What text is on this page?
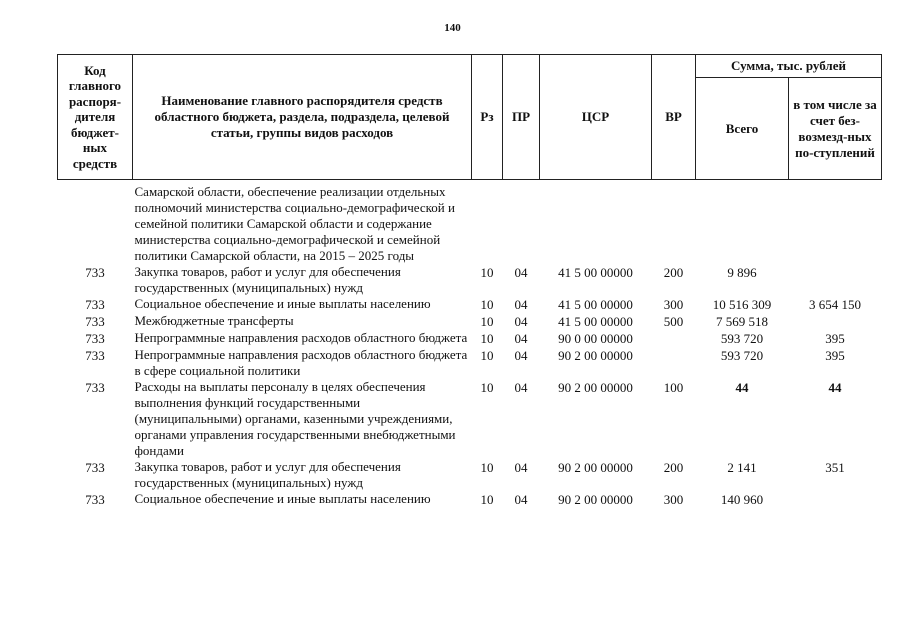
140
Код главного распоря-дителя бюджет-ных средств	Наименование главного распорядителя средств областного бюджета, раздела, подраздела, целевой статьи, группы видов расходов	Рз	ПР	ЦСР	ВР	Сумма, тыс. рублей	
						Всего	в том числе за счет без-возмезд-ных по-ступлений

	Самарской области, обеспечение реализации отдельных полномочий министерства социально-демографической и семейной политики Самарской области и содержание министерства социально-демографической и семейной политики Самарской области, на 2015 – 2025 годы						
733	Закупка товаров, работ и услуг для обеспечения государственных (муниципальных) нужд	10	04	41 5 00 00000	200	9 896	
733	Социальное обеспечение и иные выплаты населению	10	04	41 5 00 00000	300	10 516 309	3 654 150
733	Межбюджетные трансферты	10	04	41 5 00 00000	500	7 569 518	
733	Непрограммные направления расходов областного бюджета	10	04	90 0 00 00000		593 720	395
733	Непрограммные направления расходов областного бюджета в сфере социальной политики	10	04	90 2 00 00000		593 720	395
733	Расходы на выплаты персоналу в целях обеспечения выполнения функций государственными (муниципальными) органами, казенными учреждениями, органами управления государственными внебюджетными фондами	10	04	90 2 00 00000	100	44	44
733	Закупка товаров, работ и услуг для обеспечения государственных (муниципальных) нужд	10	04	90 2 00 00000	200	2 141	351
733	Социальное обеспечение и иные выплаты населению	10	04	90 2 00 00000	300	140 960	
